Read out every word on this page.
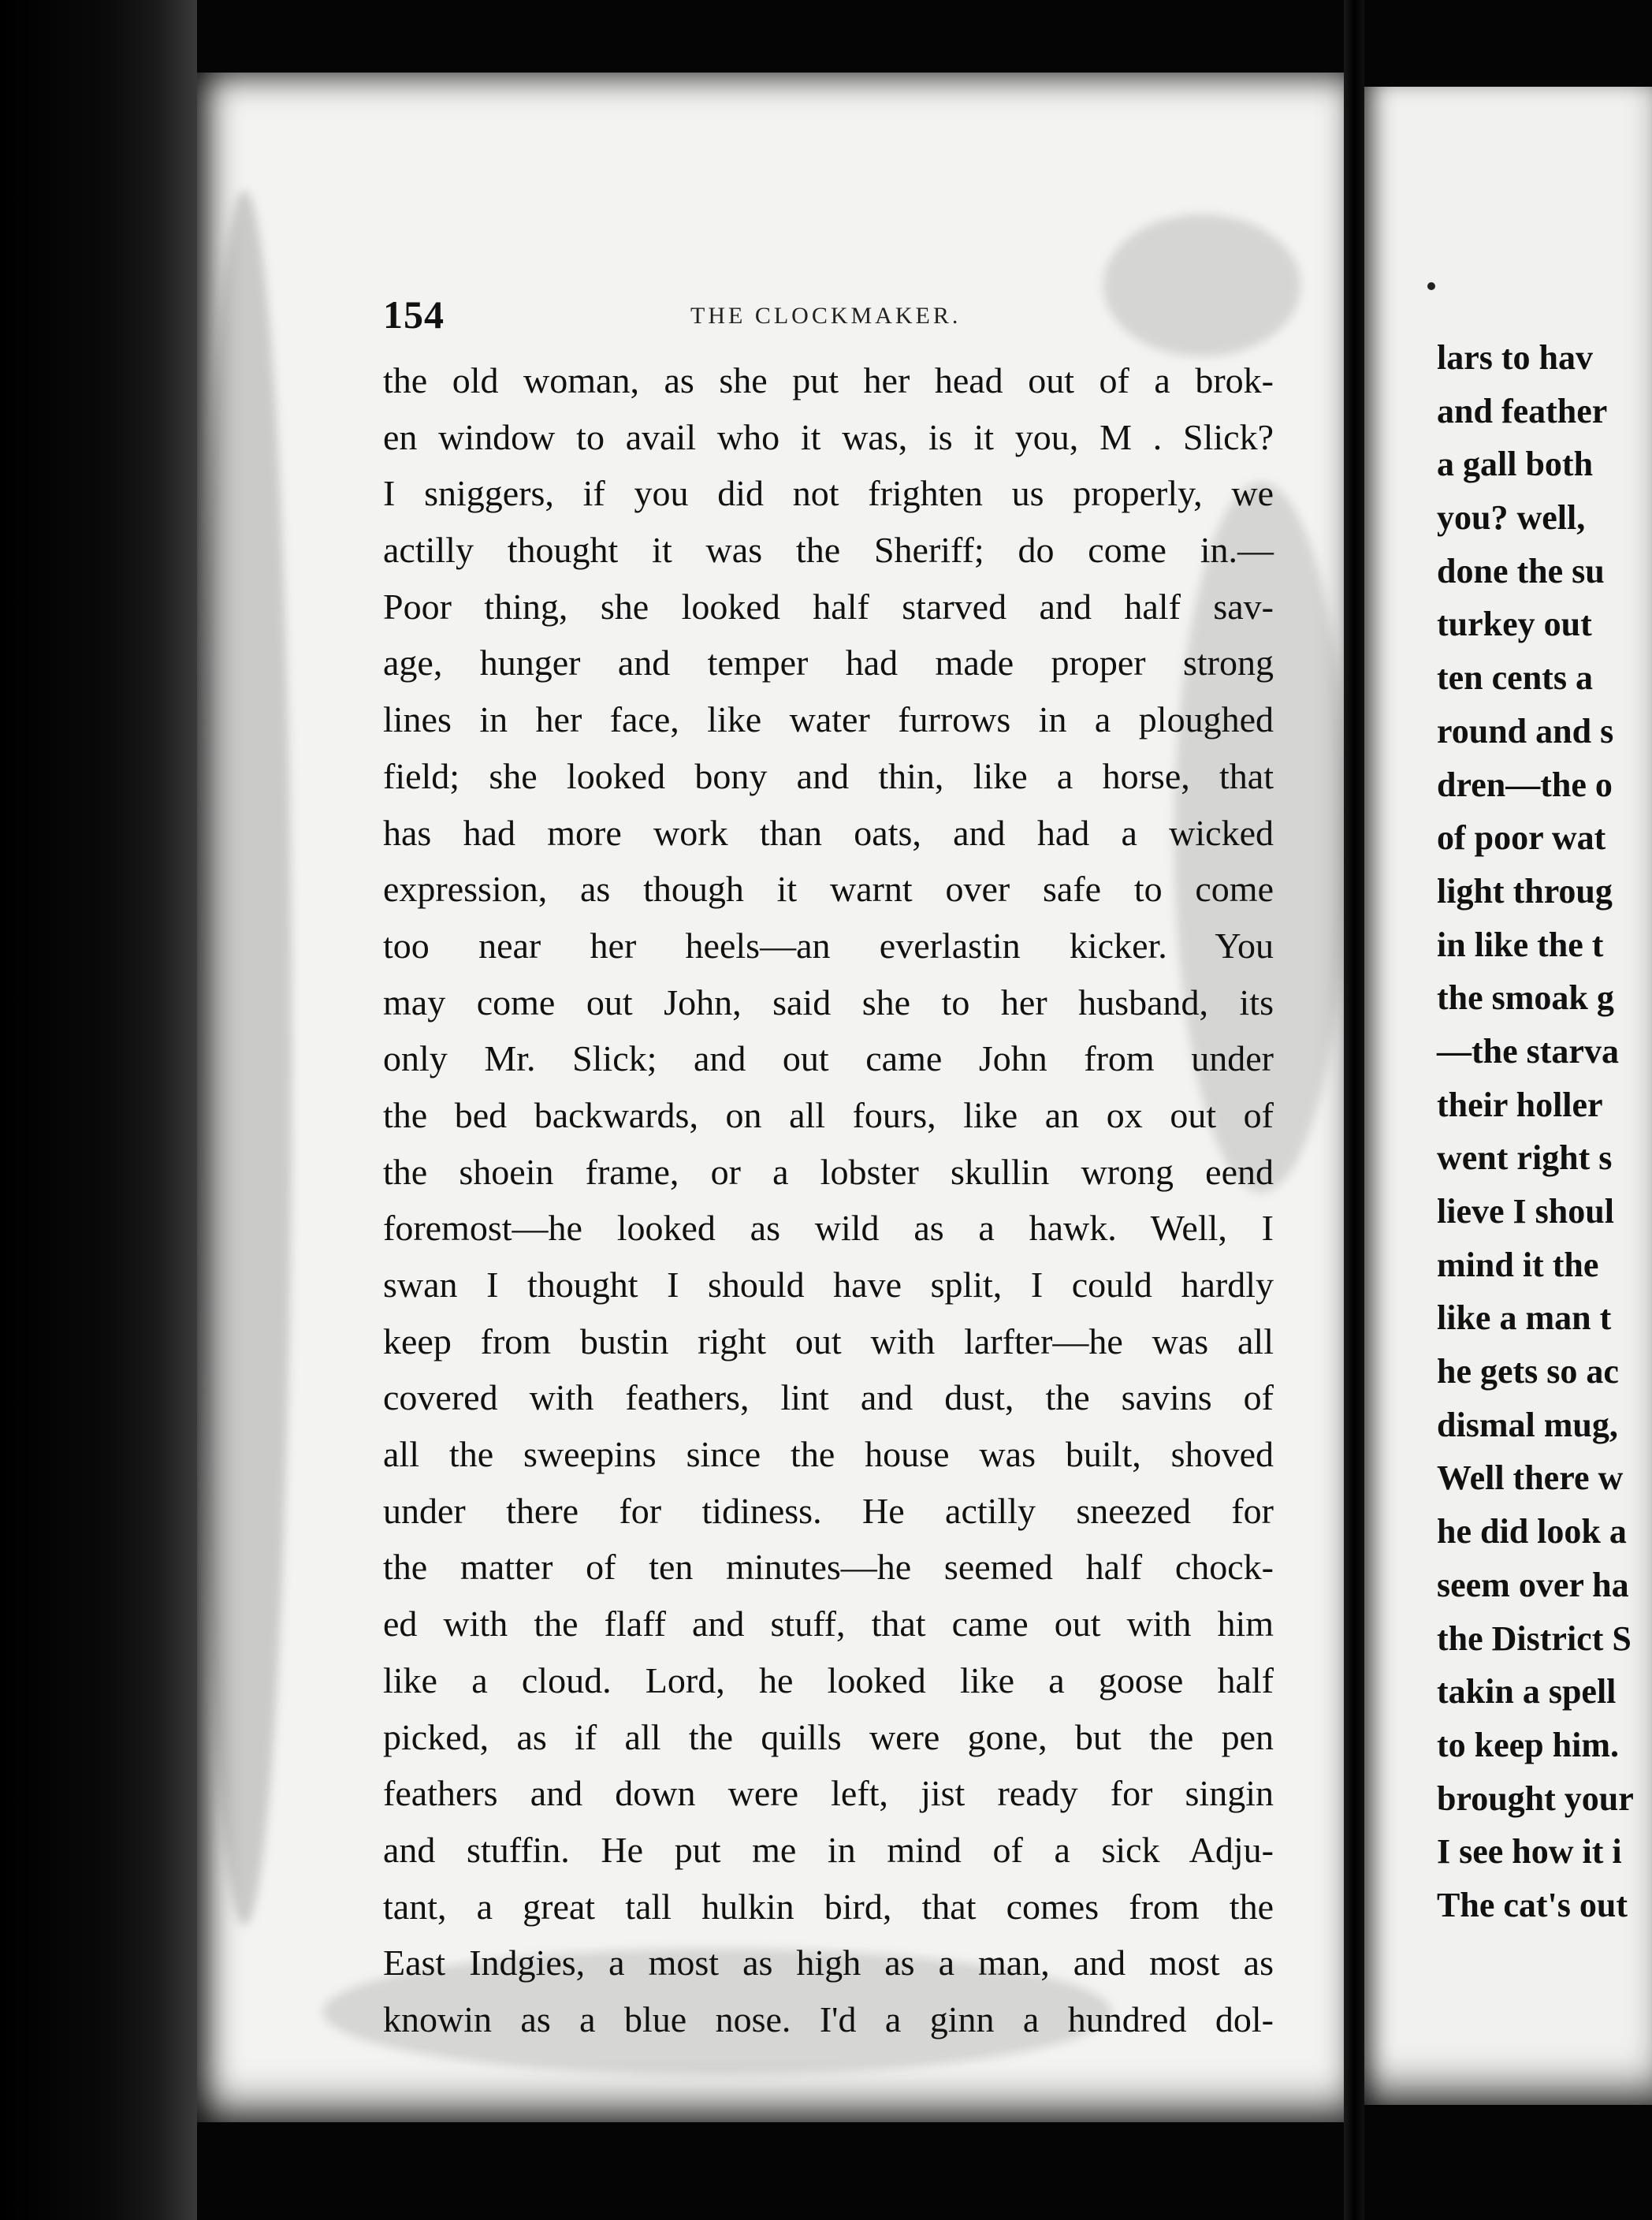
154	THE CLOCKMAKER.
the old woman, as she put her head out of a brok-
en window to avail who it was, is it you, M . Slick?
I sniggers, if you did not frighten us properly, we
actilly thought it was the Sheriff; do come in.—
Poor thing, she looked half starved and half sav-
age, hunger and temper had made proper strong
lines in her face, like water furrows in a ploughed
field; she looked bony and thin, like a horse, that
has had more work than oats, and had a wicked
expression, as though it warnt over safe to come
too near her heels—an everlastin kicker. You
may come out John, said she to her husband, its
only Mr. Slick; and out came John from under
the bed backwards, on all fours, like an ox out of
the shoein frame, or a lobster skullin wrong eend
foremost—he looked as wild as a hawk. Well, I
swan I thought I should have split, I could hardly
keep from bustin right out with larfter—he was all
covered with feathers, lint and dust, the savins of
all the sweepins since the house was built, shoved
under there for tidiness. He actilly sneezed for
the matter of ten minutes—he seemed half chock-
ed with the flaff and stuff, that came out with him
like a cloud. Lord, he looked like a goose half
picked, as if all the quills were gone, but the pen
feathers and down were left, jist ready for singin
and stuffin. He put me in mind of a sick Adju-
tant, a great tall hulkin bird, that comes from the
East Indgies, a most as high as a man, and most as
knowin as a blue nose. I'd a ginn a hundred dol-
lars to hav
and feather
a gall both
you? well,
done the su
turkey out
ten cents a
round and s
dren—the o
of poor wat
light throug
in like the t
the smoak g
—the starva
their holler
went right s
lieve I shoul
mind it the
like a man t
he gets so ac
dismal mug,
Well there w
he did look a
seem over ha
the District S
takin a spell
to keep him.
brought your
I see how it i
The cat's out
